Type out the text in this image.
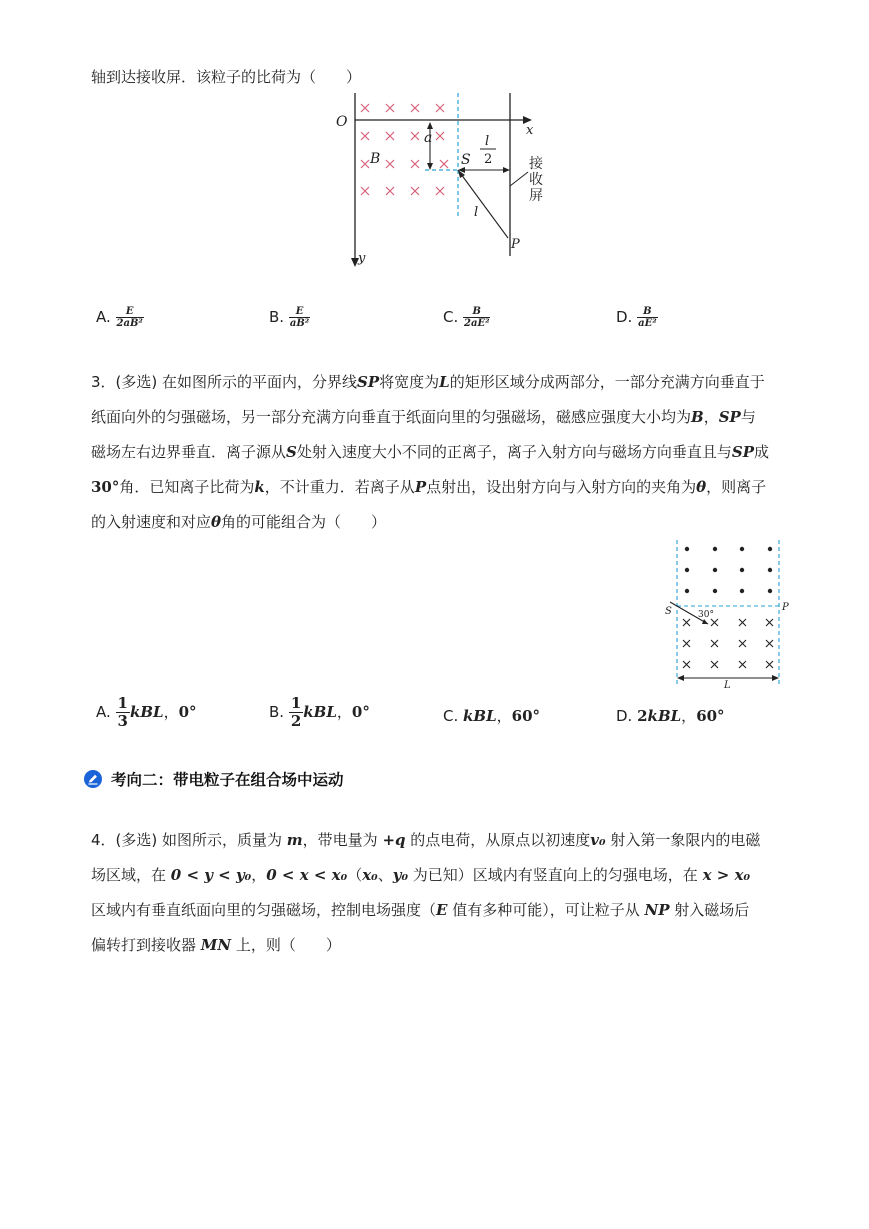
轴到达接收屏．该粒子的比荷为（　　）
O
x
y
a
B	S
l
2
l
P
接
收
屏
A. $\frac{E}{\text{2aB²}}$	B. $\frac{E}{\text{aB²}}$	C. $\frac{B}{\text{2aE²}}$	D. $\frac{B}{\text{aE²}}$
3．(多选) 在如图所示的平面内，分界线SP将宽度为L的矩形区域分成两部分，一部分充满方向垂直于
纸面向外的匀强磁场，另一部分充满方向垂直于纸面向里的匀强磁场，磁感应强度大小均为B，SP与
磁场左右边界垂直．离子源从S处射入速度大小不同的正离子，离子入射方向与磁场方向垂直且与SP成
30°角．已知离子比荷为k，不计重力．若离子从P点射出，设出射方向与入射方向的夹角为θ，则离子
的入射速度和对应θ角的可能组合为（　　）
S	P
30°
L
A. $\frac{1}{3}$ kBL，0°	B. $\frac{1}{2}$ kBL，0°	C. kBL，60°	D. 2kBL，60°
考向二：带电粒子在组合场中运动
4．(多选) 如图所示，质量为 m，带电量为 +q 的点电荷，从原点以初速度v₀ 射入第一象限内的电磁
场区域，在 0 < y < y₀，0 < x < x₀（x₀、y₀ 为已知）区域内有竖直向上的匀强电场，在 x > x₀
区域内有垂直纸面向里的匀强磁场，控制电场强度（E 值有多种可能），可让粒子从 NP 射入磁场后
偏转打到接收器 MN 上，则（　　）
